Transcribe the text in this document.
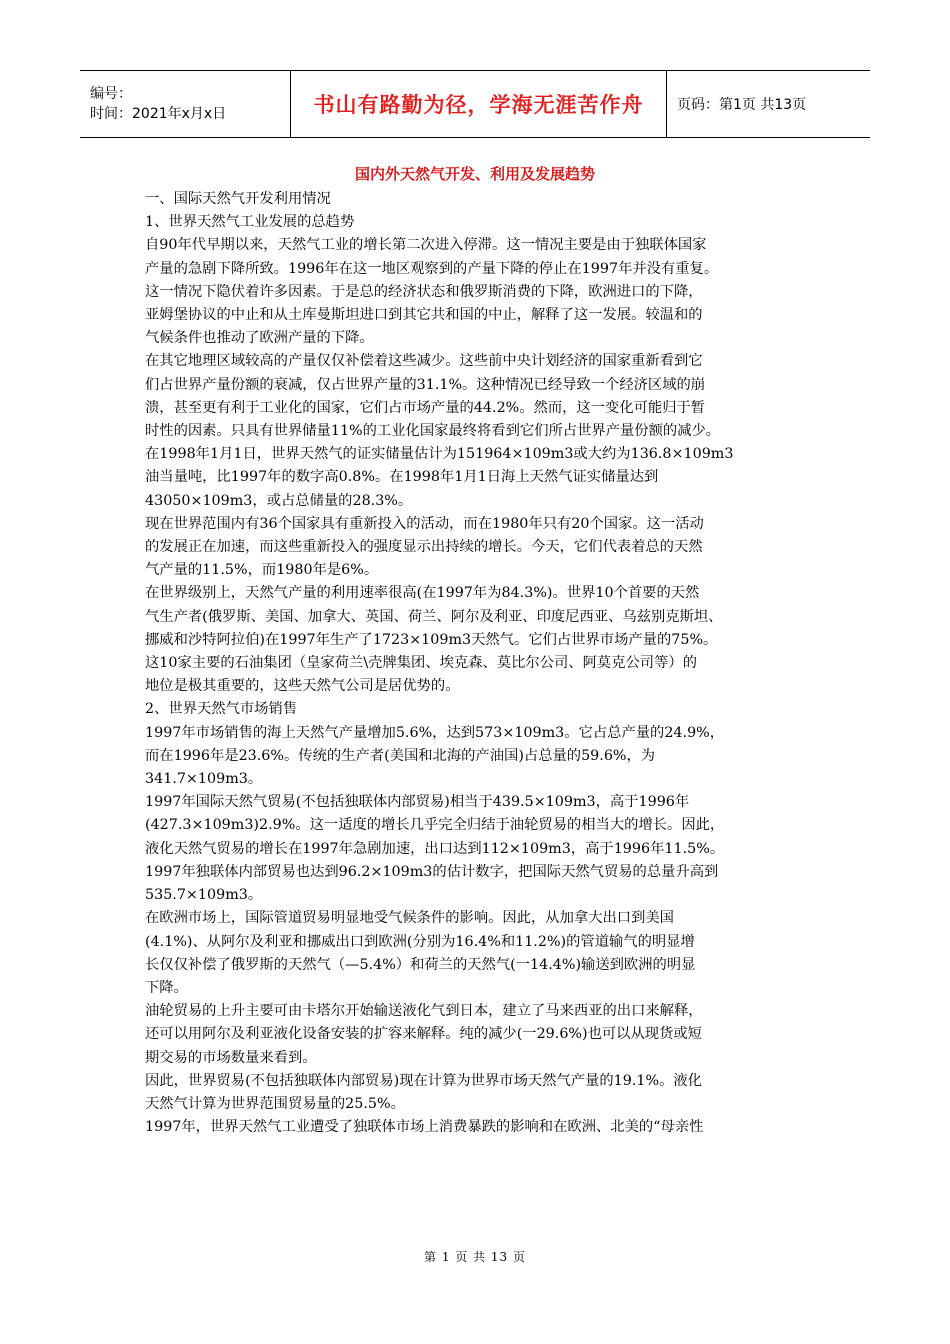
编号：
时间：2021年x月x日	书山有路勤为径，学海无涯苦作舟 页码：第1页 共13页
国内外天然气开发、利用及发展趋势

一、国际天然气开发利用情况

1、世界天然气工业发展的总趋势

自90年代早期以来，天然气工业的增长第二次进入停滞。这一情况主要是由于独联体国家

产量的急剧下降所致。1996年在这一地区观察到的产量下降的停止在1997年并没有重复。

这一情况下隐伏着许多因素。于是总的经济状态和俄罗斯消费的下降，欧洲进口的下降，

亚姆堡协议的中止和从土库曼斯坦进口到其它共和国的中止，解释了这一发展。较温和的

气候条件也推动了欧洲产量的下降。

在其它地理区域较高的产量仅仅补偿着这些减少。这些前中央计划经济的国家重新看到它

们占世界产量份额的衰减，仅占世界产量的31.1%。这种情况已经导致一个经济区域的崩

溃，甚至更有利于工业化的国家，它们占市场产量的44.2%。然而，这一变化可能归于暂

时性的因素。只具有世界储量11%的工业化国家最终将看到它们所占世界产量份额的减少。

在1998年1月1日，世界天然气的证实储量估计为151964×109m3或大约为136.8×109m3

油当量吨，比1997年的数字高0.8%。在1998年1月1日海上天然气证实储量达到

43050×109m3，或占总储量的28.3%。

现在世界范围内有36个国家具有重新投入的活动，而在1980年只有20个国家。这一活动

的发展正在加速，而这些重新投入的强度显示出持续的增长。今天，它们代表着总的天然

气产量的11.5%，而1980年是6%。

在世界级别上，天然气产量的利用速率很高(在1997年为84.3%)。世界10个首要的天然

气生产者(俄罗斯、美国、加拿大、英国、荷兰、阿尔及利亚、印度尼西亚、乌兹别克斯坦、

挪威和沙特阿拉伯)在1997年生产了1723×109m3天然气。它们占世界市场产量的75%。

这10家主要的石油集团（皇家荷兰\壳牌集团、埃克森、莫比尔公司、阿莫克公司等）的

地位是极其重要的，这些天然气公司是居优势的。

2、世界天然气市场销售

1997年市场销售的海上天然气产量增加5.6%，达到573×109m3。它占总产量的24.9%，

而在1996年是23.6%。传统的生产者(美国和北海的产油国)占总量的59.6%，为

341.7×109m3。

1997年国际天然气贸易(不包括独联体内部贸易)相当于439.5×109m3，高于1996年

(427.3×109m3)2.9%。这一适度的增长几乎完全归结于油轮贸易的相当大的增长。因此，

液化天然气贸易的增长在1997年急剧加速，出口达到112×109m3，高于1996年11.5%。

1997年独联体内部贸易也达到96.2×109m3的估计数字，把国际天然气贸易的总量升高到

535.7×109m3。

在欧洲市场上，国际管道贸易明显地受气候条件的影响。因此，从加拿大出口到美国

(4.1%)、从阿尔及利亚和挪威出口到欧洲(分别为16.4%和11.2%)的管道输气的明显增

长仅仅补偿了俄罗斯的天然气（—5.4%）和荷兰的天然气(一14.4%)输送到欧洲的明显

下降。

油轮贸易的上升主要可由卡塔尔开始输送液化气到日本，建立了马来西亚的出口来解释，

还可以用阿尔及利亚液化设备安装的扩容来解释。纯的减少(一29.6%)也可以从现货或短

期交易的市场数量来看到。

因此，世界贸易(不包括独联体内部贸易)现在计算为世界市场天然气产量的19.1%。液化

天然气计算为世界范围贸易量的25.5%。

1997年，世界天然气工业遭受了独联体市场上消费暴跌的影响和在欧洲、北美的“母亲性

第 1 页 共 13 页
